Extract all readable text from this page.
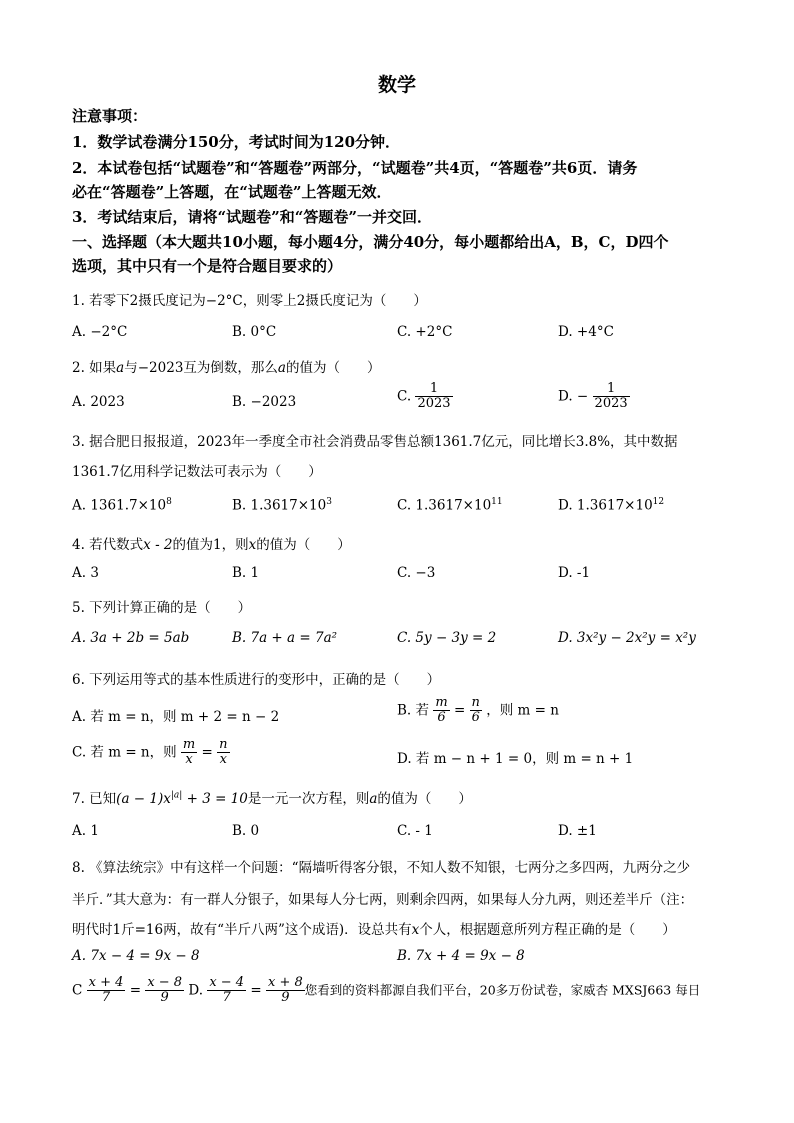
数学
注意事项：
1．数学试卷满分150分，考试时间为120分钟．
2．本试卷包括“试题卷”和“答题卷”两部分，“试题卷”共4页，“答题卷”共6页．请务
必在“答题卷”上答题，在“试题卷”上答题无效．
3．考试结束后，请将“试题卷”和“答题卷”一并交回．
一、选择题（本大题共10小题，每小题4分，满分40分，每小题都给出A，B，C，D四个
选项，其中只有一个是符合题目要求的）
1. 若零下2摄氏度记为−2°C，则零上2摄氏度记为（　　）
A. −2°C	B. 0°C	C. +2°C	D. +4°C
2. 如果a与−2023互为倒数，那么a的值为（　　）
A. 2023	B. −2023	C. $\frac{1}{2023}$	D. − $\frac{1}{2023}$
3. 据合肥日报报道，2023年一季度全市社会消费品零售总额1361.7亿元，同比增长3.8%，其中数据
1361.7亿用科学记数法可表示为（　　）
A. $1361.7\times 10^8$	B. $1.3617\times 10^3$	C. $1.3617\times 10^{11}$	D. $1.3617\times 10^{12}$
4. 若代数式x - 2的值为1，则x的值为（　　）
A. 3	B. 1	C. −3	D. -1
5. 下列计算正确的是（　　）
A. 3a + 2b = 5ab	B. 7a + a = 7a²	C. 5y − 3y = 2	D. 3x²y − 2x²y = x²y
6. 下列运用等式的基本性质进行的变形中，正确的是（　　）
A. 若 m = n，则 m + 2 = n − 2	B. 若 $\frac{m}{6} = \frac{n}{6}$ ，则 m = n
C. 若 m = n，则 $\frac{m}{x} = \frac{n}{x}$	D. 若 m − n + 1 = 0，则 m = n + 1
7. 已知$(a - 1)x^{|a|} + 3 = 10$是一元一次方程，则a的值为（　　）
A. 1	B. 0	C. - 1	D. ±1
8. 《算法统宗》中有这样一个问题：“隔墙听得客分银，不知人数不知银，七两分之多四两，九两分之少
半斤．”其大意为：有一群人分银子，如果每人分七两，则剩余四两，如果每人分九两，则还差半斤（注：
明代时1斤=16两，故有“半斤八两”这个成语)．设总共有x个人，根据题意所列方程正确的是（　　）
A. 7x − 4 = 9x − 8	B. 7x + 4 = 9x − 8
C $\frac{x + 4}{7} = \frac{x - 8}{9} D$. $\frac{x - 4}{7} = \frac{x + 8}{9}$ 您看到的资料都源自我们平台，20多万份试卷，家威杏 MXSJ663 每日
